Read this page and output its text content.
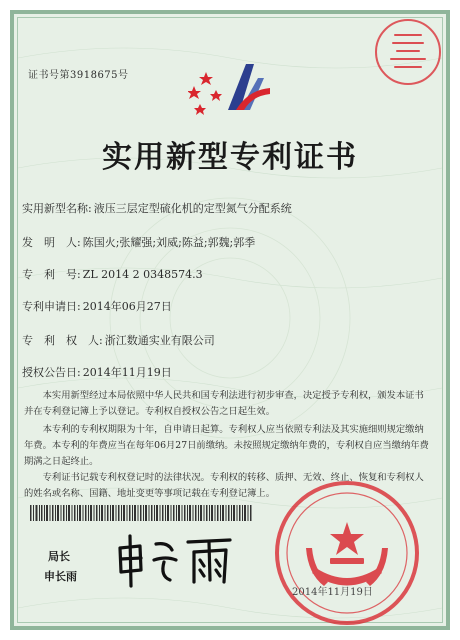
证书号第3918675号
实用新型专利证书
实用新型名称: 液压三层定型硫化机的定型氮气分配系统
发　明　人: 陈国火;张耀强;刘威;陈益;郭魏;郭季
专　利　号: ZL 2014 2 0348574.3
专利申请日: 2014年06月27日
专　利　权　人: 浙江数通实业有限公司
授权公告日: 2014年11月19日

本实用新型经过本局依照中华人民共和国专利法进行初步审查，决定授予专利权，颁发本证书并在专利登记簿上予以登记。专利权自授权公告之日起生效。

本专利的专利权期限为十年，自申请日起算。专利权人应当依照专利法及其实施细则规定缴纳年费。本专利的年费应当在每年06月27日前缴纳。未按照规定缴纳年费的，专利权自应当缴纳年费期满之日起终止。

专利证书记载专利权登记时的法律状况。专利权的转移、质押、无效、终止、恢复和专利权人的姓名或名称、国籍、地址变更等事项记载在专利登记簿上。

局长
申长雨
2014年11月19日
